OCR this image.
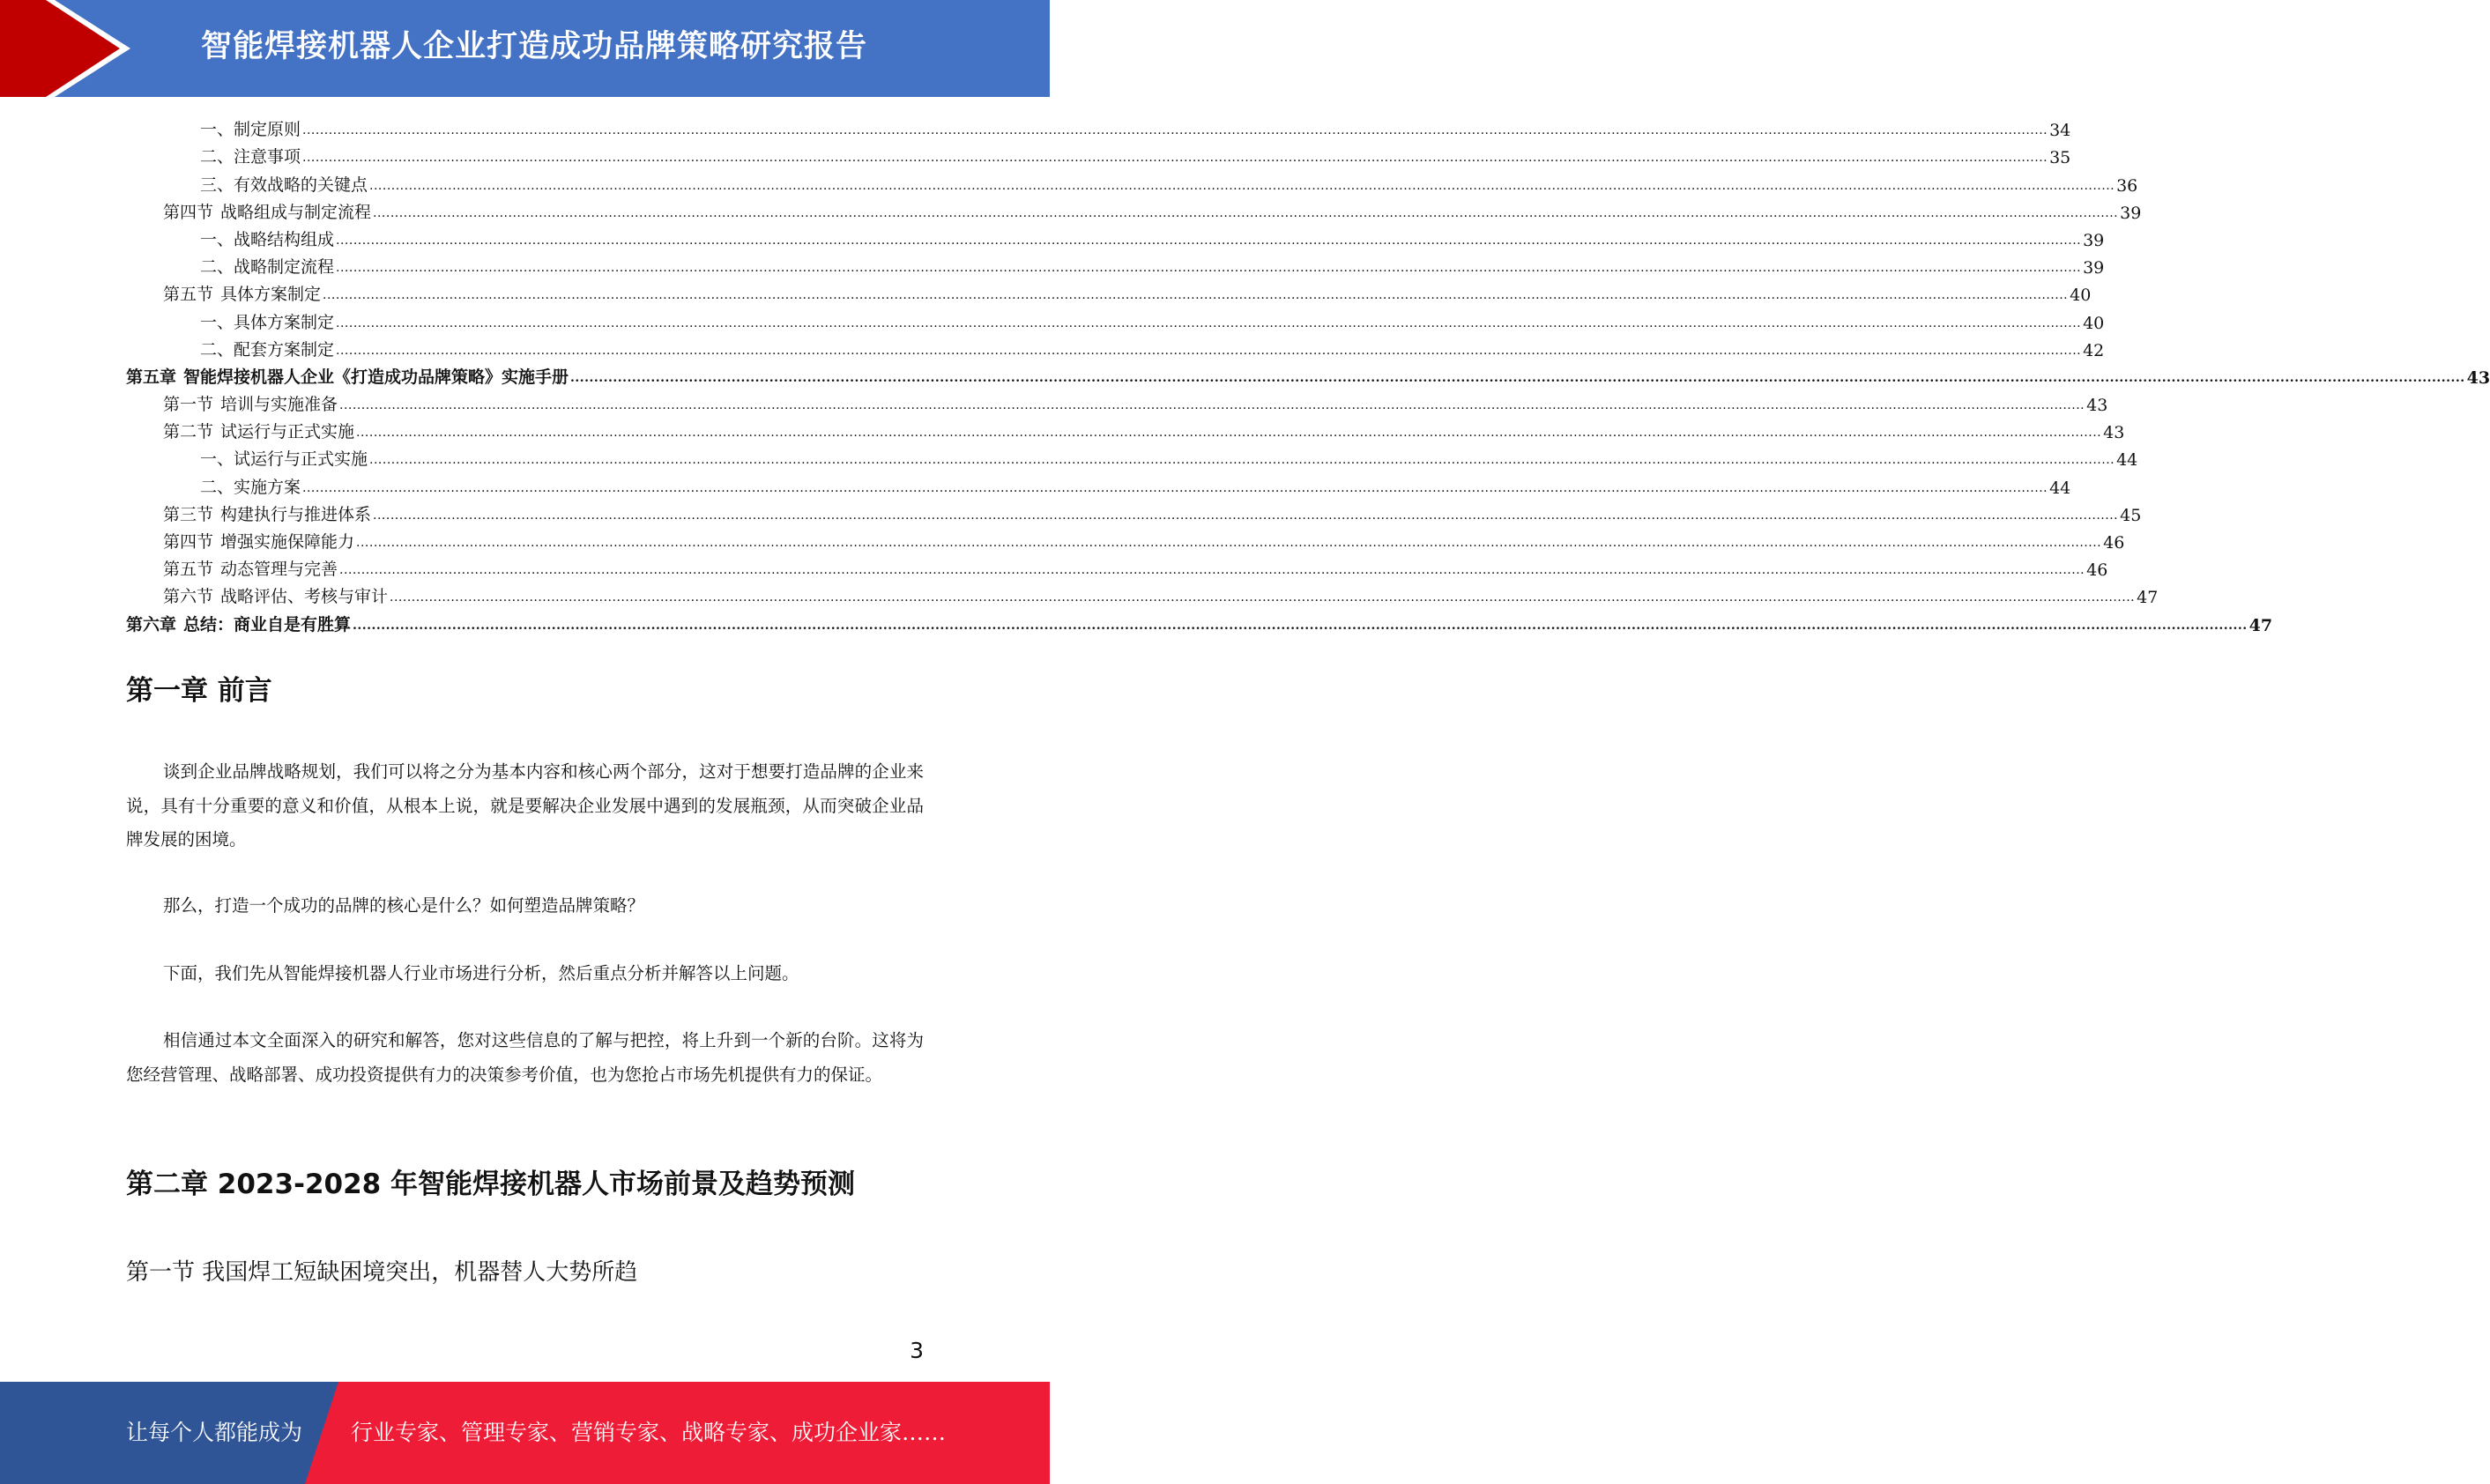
智能焊接机器人企业打造成功品牌策略研究报告
一、制定原则 ................................................................................................................................................................................................................................................................................................................................................................................................................ 34
二、注意事项 ................................................................................................................................................................................................................................................................................................................................................................................................................ 35
三、有效战略的关键点 ................................................................................................................................................................................................................................................................................................................................................................................................................ 36
第四节 战略组成与制定流程 ................................................................................................................................................................................................................................................................................................................................................................................................................ 39
一、战略结构组成 ................................................................................................................................................................................................................................................................................................................................................................................................................ 39
二、战略制定流程 ................................................................................................................................................................................................................................................................................................................................................................................................................ 39
第五节 具体方案制定 ................................................................................................................................................................................................................................................................................................................................................................................................................ 40
一、具体方案制定 ................................................................................................................................................................................................................................................................................................................................................................................................................ 40
二、配套方案制定 ................................................................................................................................................................................................................................................................................................................................................................................................................ 42
第五章 智能焊接机器人企业《打造成功品牌策略》实施手册 ................................................................................................................................................................................................................................................................................................................................................................................................................ 43
第一节 培训与实施准备 ................................................................................................................................................................................................................................................................................................................................................................................................................ 43
第二节 试运行与正式实施 ................................................................................................................................................................................................................................................................................................................................................................................................................ 43
一、试运行与正式实施 ................................................................................................................................................................................................................................................................................................................................................................................................................ 44
二、实施方案 ................................................................................................................................................................................................................................................................................................................................................................................................................ 44
第三节 构建执行与推进体系 ................................................................................................................................................................................................................................................................................................................................................................................................................ 45
第四节 增强实施保障能力 ................................................................................................................................................................................................................................................................................................................................................................................................................ 46
第五节 动态管理与完善 ................................................................................................................................................................................................................................................................................................................................................................................................................ 46
第六节 战略评估、考核与审计 ................................................................................................................................................................................................................................................................................................................................................................................................................ 47
第六章 总结：商业自是有胜算 ................................................................................................................................................................................................................................................................................................................................................................................................................ 47
第一章 前言

谈到企业品牌战略规划，我们可以将之分为基本内容和核心两个部分，这对于想要打造品牌的企业来说，具有十分重要的意义和价值，从根本上说，就是要解决企业发展中遇到的发展瓶颈，从而突破企业品牌发展的困境。

那么，打造一个成功的品牌的核心是什么？如何塑造品牌策略？

下面，我们先从智能焊接机器人行业市场进行分析，然后重点分析并解答以上问题。

相信通过本文全面深入的研究和解答，您对这些信息的了解与把控，将上升到一个新的台阶。这将为您经营管理、战略部署、成功投资提供有力的决策参考价值，也为您抢占市场先机提供有力的保证。

第二章 2023-2028 年智能焊接机器人市场前景及趋势预测
第一节 我国焊工短缺困境突出，机器替人大势所趋
3
让每个人都能成为 行业专家、管理专家、营销专家、战略专家、成功企业家……
